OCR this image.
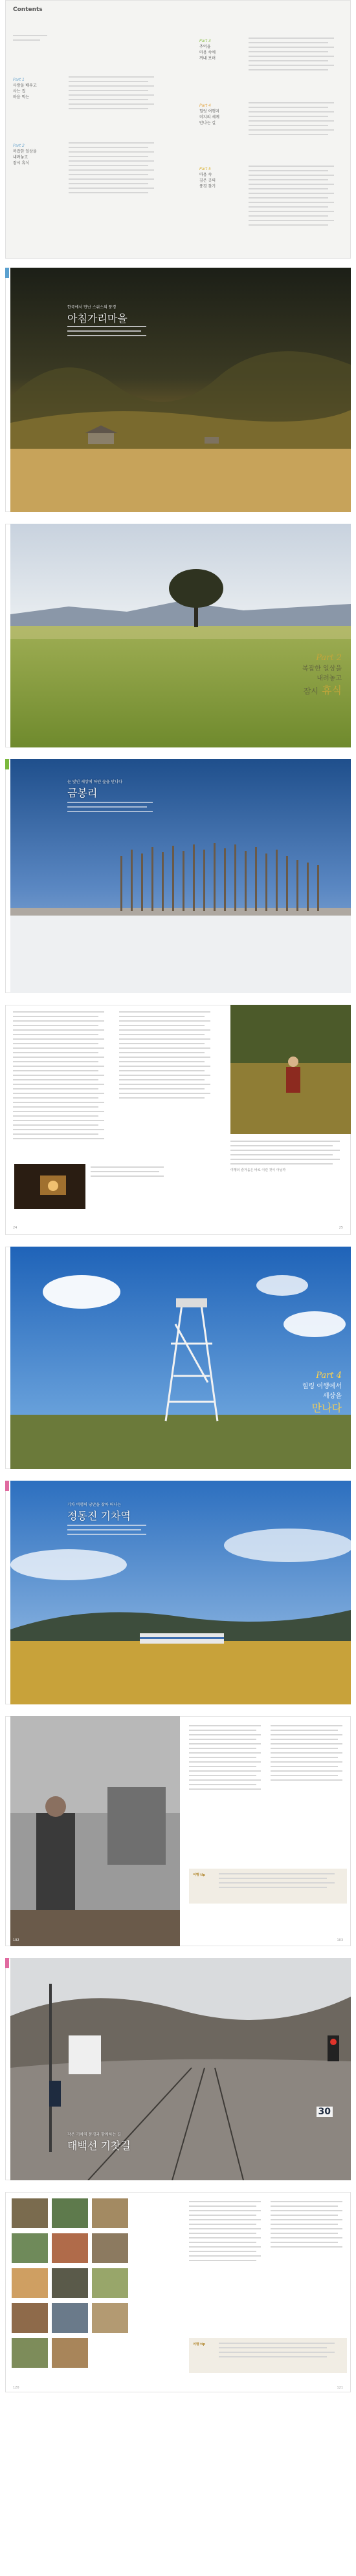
Contents
Part 1
사랑을 배우고
사는 집
마음 먹는
Part 2
복잡한 일상을
내려놓고
잠시 휴식
Part 3
추억을
마음 속에
꺼내 보며
Part 4
힐링 여행지
미지의 세계
만나는 길
Part 5
마음 속
깊은 곳의
풍경 찾기
한국에서 만난 스위스의 풍경
아침가리마을
Part 2
복잡한 일상을
내려놓고
잠시 휴식
눈 덮인 세상에 하얀 숲을 만나다
금봉리
여행의 즐거움은 바로 이런 것이 아닐까
24	25
Part 4
힐링 여행에서
세상을
만나다
기차 여행의 낭만을 찾아 떠나는
정동진 기차역
여행 tip
102	103
작은 기차역 풍경과 함께하는 길
태백선 기찻길
30
여행 tip
120	121
